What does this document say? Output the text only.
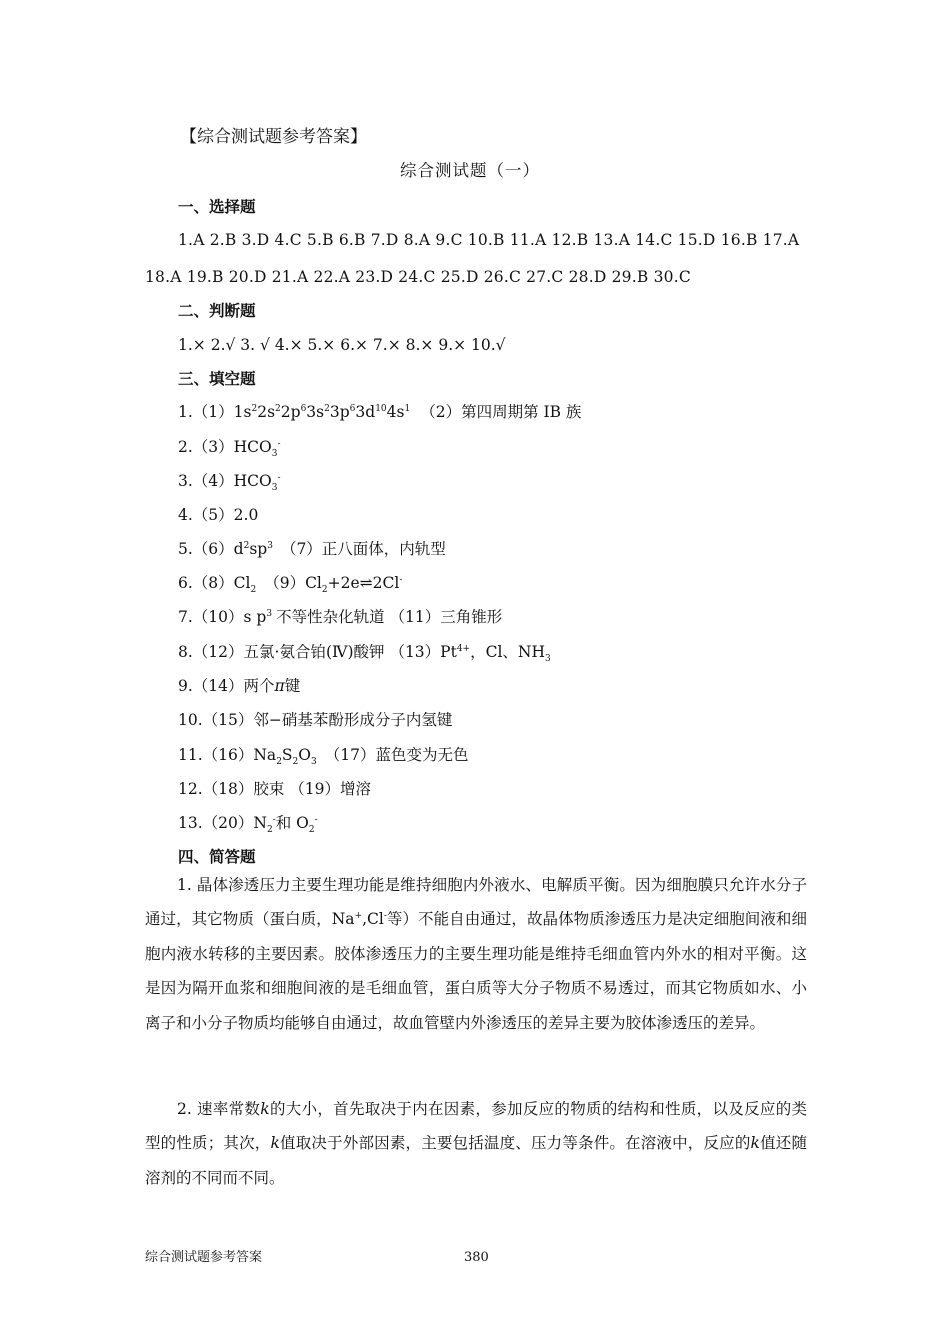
【综合测试题参考答案】
综合测试题（一）
一、选择题
1.A 2.B 3.D 4.C 5.B 6.B 7.D 8.A 9.C 10.B 11.A 12.B 13.A 14.C 15.D 16.B 17.A
18.A 19.B 20.D 21.A 22.A 23.D 24.C 25.D 26.C 27.C 28.D 29.B 30.C
二、判断题
1.× 2.√ 3. √ 4.× 5.× 6.× 7.× 8.× 9.× 10.√
三、填空题
$1.(1)1s^22s^22p^63s^23p^63d^{10}4s^1$ （2）第四周期第 IB 族
$2.(3)HCO_3^-$
$3.(4)HCO_3^-$
4.（5）2.0
$5.(6)d^2sp^3$ （7）正八面体，内轨型
$6.(8)Cl_2$ $(9)Cl_2+2e\rightleftharpoons 2Cl^-$
7.（10）s $p^3$ 不等性杂化轨道 （11）三角锥形
8.（12）五氯·氨合铂(Ⅳ)酸钾 $(13)Pt^{4+}$，Cl、$NH_3$
9.（14）两个π键
10.（15）邻−硝基苯酚形成分子内氢键
$11.(16)Na_2S_2O_3$ （17）蓝色变为无色
12.（18）胶束 （19）增溶
$13.(20)N_2^-$和 $O_2^-$
四、简答题
1. 晶体渗透压力主要生理功能是维持细胞内外液水、电解质平衡。因为细胞膜只允许水分子通过，其它物质（蛋白质，Na+,Cl-等）不能自由通过，故晶体物质渗透压力是决定细胞间液和细胞内液水转移的主要因素。胶体渗透压力的主要生理功能是维持毛细血管内外水的相对平衡。这是因为隔开血浆和细胞间液的是毛细血管，蛋白质等大分子物质不易透过，而其它物质如水、小离子和小分子物质均能够自由通过，故血管壁内外渗透压的差异主要为胶体渗透压的差异。
2. 速率常数k的大小，首先取决于内在因素，参加反应的物质的结构和性质，以及反应的类型的性质；其次，k值取决于外部因素，主要包括温度、压力等条件。在溶液中，反应的k值还随溶剂的不同而不同。
综合测试题参考答案	380
